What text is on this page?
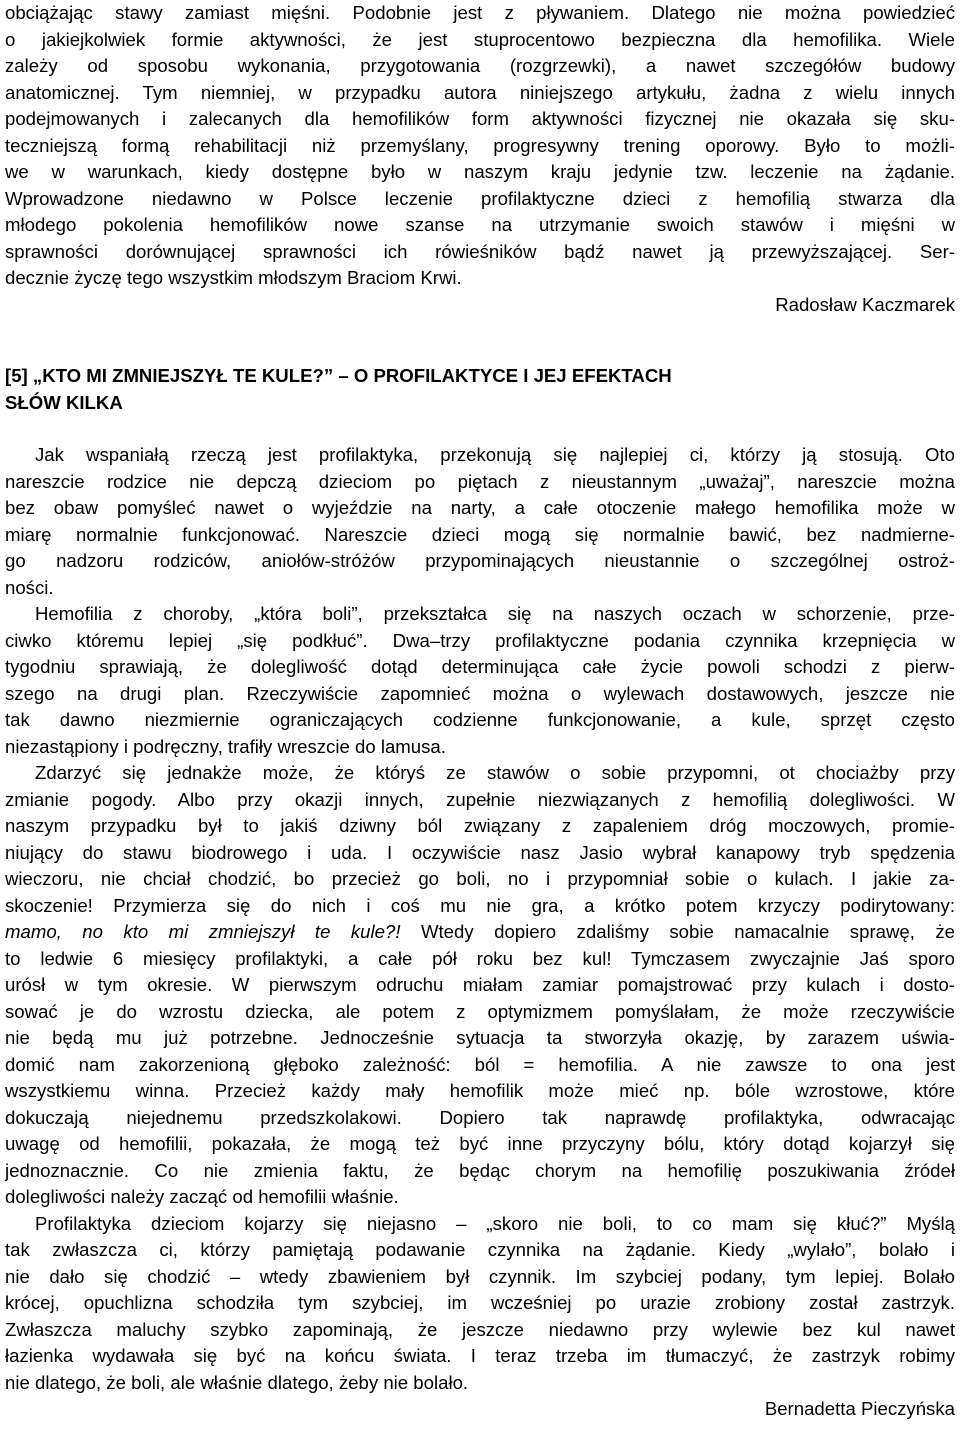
obciążając stawy zamiast mięśni. Podobnie jest z pływaniem. Dlatego nie można powiedzieć
o jakiejkolwiek formie aktywności, że jest stuprocentowo bezpieczna dla hemofilika. Wiele
zależy od sposobu wykonania, przygotowania (rozgrzewki), a nawet szczegółów budowy
anatomicznej. Tym niemniej, w przypadku autora niniejszego artykułu, żadna z wielu innych
podejmowanych i zalecanych dla hemofilików form aktywności fizycznej nie okazała się sku-
teczniejszą formą rehabilitacji niż przemyślany, progresywny trening oporowy. Było to możli-
we w warunkach, kiedy dostępne było w naszym kraju jedynie tzw. leczenie na żądanie.
Wprowadzone niedawno w Polsce leczenie profilaktyczne dzieci z hemofilią stwarza dla
młodego pokolenia hemofilików nowe szanse na utrzymanie swoich stawów i mięśni w
sprawności dorównującej sprawności ich rówieśników bądź nawet ją przewyższającej. Ser-
decznie życzę tego wszystkim młodszym Braciom Krwi.
Radosław Kaczmarek
[5] „KTO MI ZMNIEJSZYŁ TE KULE?” – O PROFILAKTYCE I JEJ EFEKTACH
SŁÓW KILKA
Jak wspaniałą rzeczą jest profilaktyka, przekonują się najlepiej ci, którzy ją stosują. Oto
nareszcie rodzice nie depczą dzieciom po piętach z nieustannym „uważaj”, nareszcie można
bez obaw pomyśleć nawet o wyjeździe na narty, a całe otoczenie małego hemofilika może w
miarę normalnie funkcjonować. Nareszcie dzieci mogą się normalnie bawić, bez nadmierne-
go nadzoru rodziców, aniołów-stróżów przypominających nieustannie o szczególnej ostroż-
ności.
Hemofilia z choroby, „która boli”, przekształca się na naszych oczach w schorzenie, prze-
ciwko któremu lepiej „się podkłuć”. Dwa–trzy profilaktyczne podania czynnika krzepnięcia w
tygodniu sprawiają, że dolegliwość dotąd determinująca całe życie powoli schodzi z pierw-
szego na drugi plan. Rzeczywiście zapomnieć można o wylewach dostawowych, jeszcze nie
tak dawno niezmiernie ograniczających codzienne funkcjonowanie, a kule, sprzęt często
niezastąpiony i podręczny, trafiły wreszcie do lamusa.
Zdarzyć się jednakże może, że któryś ze stawów o sobie przypomni, ot chociażby przy
zmianie pogody. Albo przy okazji innych, zupełnie niezwiązanych z hemofilią dolegliwości. W
naszym przypadku był to jakiś dziwny ból związany z zapaleniem dróg moczowych, promie-
niujący do stawu biodrowego i uda. I oczywiście nasz Jasio wybrał kanapowy tryb spędzenia
wieczoru, nie chciał chodzić, bo przecież go boli, no i przypomniał sobie o kulach. I jakie za-
skoczenie! Przymierza się do nich i coś mu nie gra, a krótko potem krzyczy podirytowany:
mamo, no kto mi zmniejszył te kule?! Wtedy dopiero zdaliśmy sobie namacalnie sprawę, że
to ledwie 6 miesięcy profilaktyki, a całe pół roku bez kul! Tymczasem zwyczajnie Jaś sporo
urósł w tym okresie. W pierwszym odruchu miałam zamiar pomajstrować przy kulach i dosto-
sować je do wzrostu dziecka, ale potem z optymizmem pomyślałam, że może rzeczywiście
nie będą mu już potrzebne. Jednocześnie sytuacja ta stworzyła okazję, by zarazem uświa-
domić nam zakorzenioną głęboko zależność: ból = hemofilia. A nie zawsze to ona jest
wszystkiemu winna. Przecież każdy mały hemofilik może mieć np. bóle wzrostowe, które
dokuczają niejednemu przedszkolakowi. Dopiero tak naprawdę profilaktyka, odwracając
uwagę od hemofilii, pokazała, że mogą też być inne przyczyny bólu, który dotąd kojarzył się
jednoznacznie. Co nie zmienia faktu, że będąc chorym na hemofilię poszukiwania źródeł
dolegliwości należy zacząć od hemofilii właśnie.
Profilaktyka dzieciom kojarzy się niejasno – „skoro nie boli, to co mam się kłuć?” Myślą
tak zwłaszcza ci, którzy pamiętają podawanie czynnika na żądanie. Kiedy „wylało”, bolało i
nie dało się chodzić – wtedy zbawieniem był czynnik. Im szybciej podany, tym lepiej. Bolało
krócej, opuchlizna schodziła tym szybciej, im wcześniej po urazie zrobiony został zastrzyk.
Zwłaszcza maluchy szybko zapominają, że jeszcze niedawno przy wylewie bez kul nawet
łazienka wydawała się być na końcu świata. I teraz trzeba im tłumaczyć, że zastrzyk robimy
nie dlatego, że boli, ale właśnie dlatego, żeby nie bolało.
Bernadetta Pieczyńska
